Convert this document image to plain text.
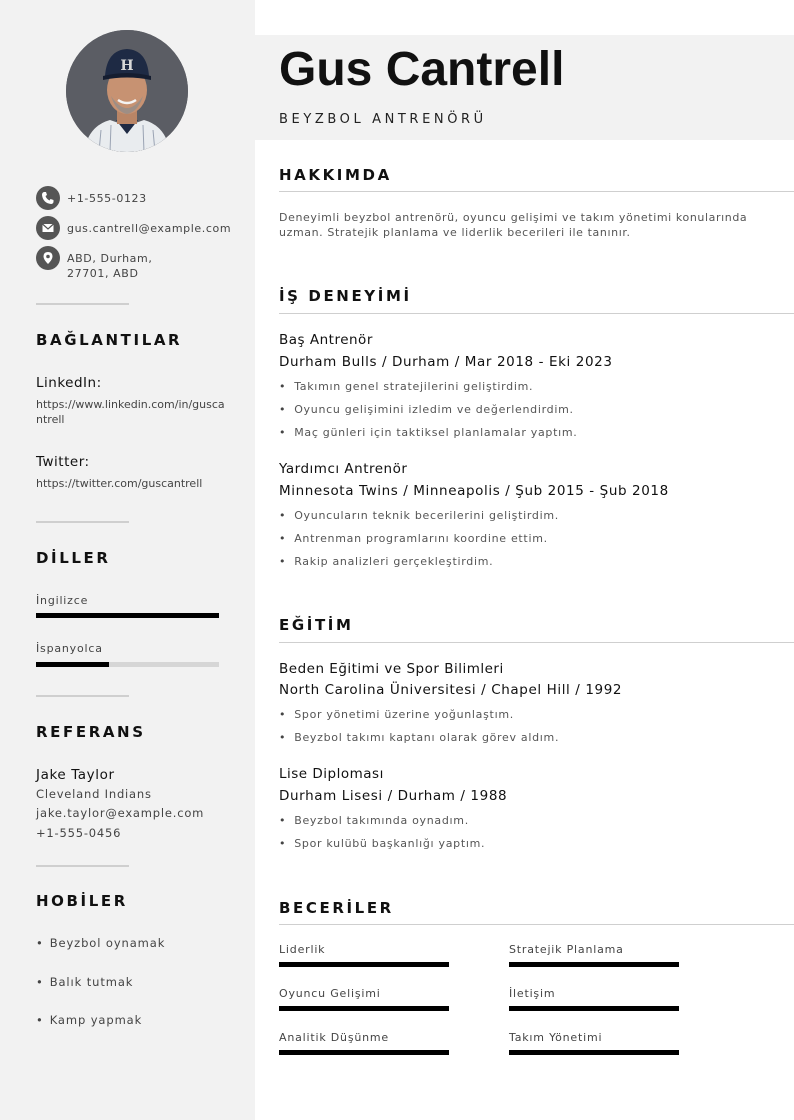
H
+1-555-0123
gus.cantrell@example.com
ABD, Durham, 27701, ABD
BAĞLANTILAR
LinkedIn:
https://www.linkedin.com/in/guscantrell
Twitter:
https://twitter.com/guscantrell
DİLLER
İngilizce
İspanyolca
REFERANS
Jake Taylor
Cleveland Indians
jake.taylor@example.com
+1-555-0456
HOBİLER
• Beyzbol oynamak
• Balık tutmak
• Kamp yapmak
Gus Cantrell
BEYZBOL ANTRENÖRÜ
HAKKIMDA
Deneyimli beyzbol antrenörü, oyuncu gelişimi ve takım yönetimi konularında uzman. Stratejik planlama ve liderlik becerileri ile tanınır.
İŞ DENEYİMİ
Baş Antrenör
Durham Bulls / Durham / Mar 2018 - Eki 2023
• Takımın genel stratejilerini geliştirdim.
• Oyuncu gelişimini izledim ve değerlendirdim.
• Maç günleri için taktiksel planlamalar yaptım.
Yardımcı Antrenör
Minnesota Twins / Minneapolis / Şub 2015 - Şub 2018
• Oyuncuların teknik becerilerini geliştirdim.
• Antrenman programlarını koordine ettim.
• Rakip analizleri gerçekleştirdim.
EĞİTİM
Beden Eğitimi ve Spor Bilimleri
North Carolina Üniversitesi / Chapel Hill / 1992
• Spor yönetimi üzerine yoğunlaştım.
• Beyzbol takımı kaptanı olarak görev aldım.
Lise Diploması
Durham Lisesi / Durham / 1988
• Beyzbol takımında oynadım.
• Spor kulübü başkanlığı yaptım.
BECERİLER
Liderlik	Stratejik Planlama
Oyuncu Gelişimi	İletişim
Analitik Düşünme	Takım Yönetimi
